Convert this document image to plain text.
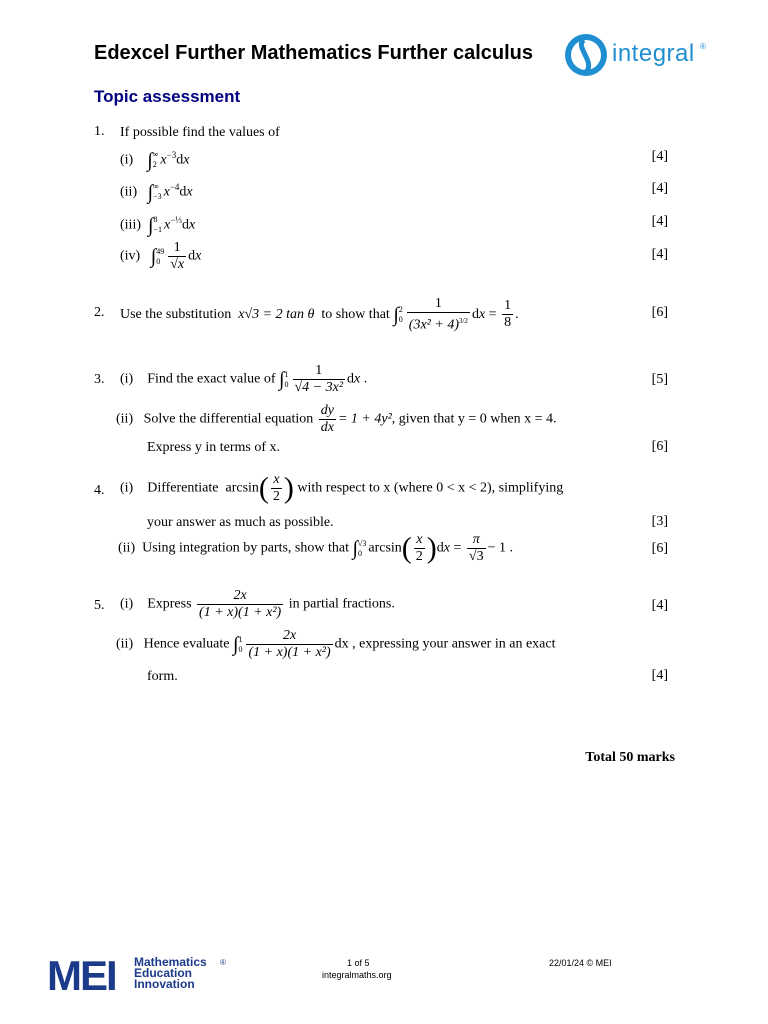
Edexcel Further Mathematics Further calculus
Topic assessment
integral ®
1. If possible find the values of
(i) ∫ ∞
2 $x^{-3}dx$	[4]
(ii) ∫ ∞
−3 $x^{-4}dx$	[4]
(iii) ∫ 8
−1 $x^{-\frac{1}{3}}dx$	[4]
(iv) ∫ 49
$0 \frac{1}{√x}$ dx	[4]
2. Use the substitution x√3 = 2 tan θ to show that ∫ 2
$0 \frac{1}{(3x^2 + 4)^{3/2}}$ dx = $\frac{1}{8}$ .	[6]
3. (i) Find the exact value of ∫ 1
$0 \frac{1}{\text{√4 − 3x²}}$ dx .	[5]
(ii) Solve the differential equation $\frac{dy}{dx} = 1 + 4y^2$, given that y = 0 when x = 4.
Express y in terms of x.	[6]
4. (i) Differentiate $\arcsin( \frac{x}{2}$ ) with respect to x (where 0 < x < 2), simplifying
your answer as much as possible.	[3]
(ii) Using integration by parts, show that ∫ √3
0 $\arcsin( \frac{x}{2} )dx = \frac{\pi}{√3} - 1$ .	[6]
5. (i) Express $\frac{2x}{\text{(1 + x)(1 + x²)}}$ in partial fractions.	[4]
(ii) Hence evaluate ∫ 1
$0 \frac{2x}{\text{(1 + x)(1 + x²)}}$ dx , expressing your answer in an exact
form.	[4]
Total 50 marks
MEI Mathematics
Education
Innovation
®	1 of 5
integralmaths.org
22/01/24 © MEI
